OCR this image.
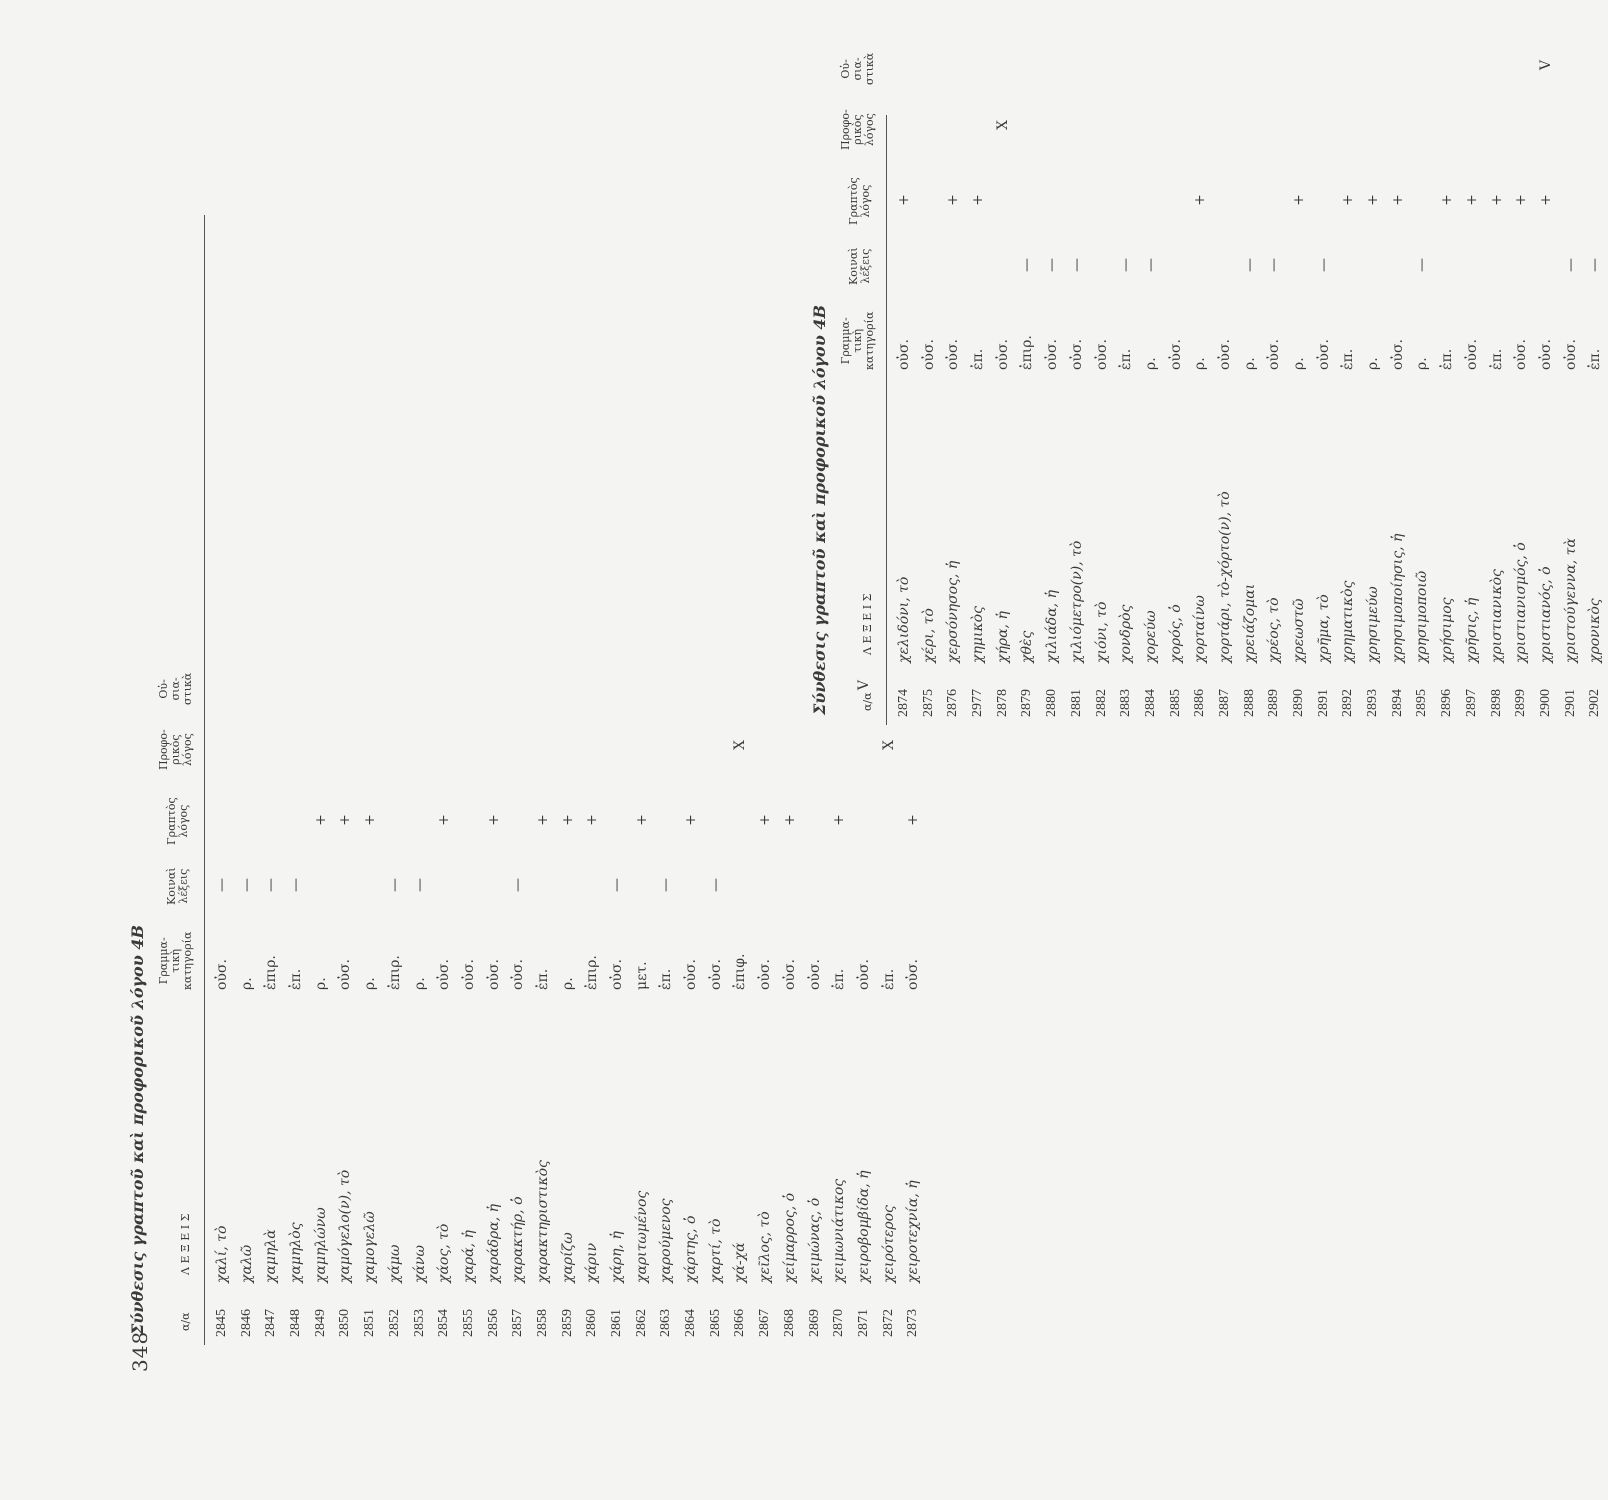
348
Σύνθεσις γραπτοῦ καὶ προφορικοῦ λόγου 4Β	α/α
Λ Ε Ξ Ε Ι Σ
Γραμμα-
τικὴ
κατηγορία
Κοιναὶ
λέξεις
Γραπτὸς
λόγος
Προφο-
ρικὸς
λόγος
Οὐ-
σια-
στικὰ
2845
χαλί, τὸ
οὐσ.
—
2846
χαλῶ
ρ.
—
2847
χαμηλὰ
ἐπιρ.
—
2848
χαμηλὸς
ἐπ.
—
2849
χαμηλώνω
ρ.
+
2850
χαμόγελο(ν), τὸ
οὐσ.
+
2851
χαμογελῶ
ρ.
+
2852
χάμω
ἐπιρ.
—
2853
χάνω
ρ.
—
2854
χάος, τὸ
οὐσ.
+
2855
χαρά, ἡ
οὐσ.
2856
χαράδρα, ἡ
οὐσ.
+
2857
χαρακτήρ, ὁ
οὐσ.
—
2858
χαρακτηριστικὸς
ἐπ.
+
2859
χαρίζω
ρ.
+
2860
χάριν
ἐπιρ.
+
2861
χάρη, ἡ
οὐσ.
—
2862
χαριτωμένος
μετ.
+
2863
χαρούμενος
ἐπ.
—
2864
χάρτης, ὁ
οὐσ.
+
2865
χαρτί, τὸ
οὐσ.
—
2866
χά-χά
ἐπιφ.
X
2867
χεῖλος, τὸ
οὐσ.
+
2868
χείμαρρος, ὁ
οὐσ.
+
2869
χειμώνας, ὁ
οὐσ.
2870
χειμωνιάτικος
ἐπ.
+
2871
χειροβομβίδα, ἡ
οὐσ.
V
2872
χειρότερος
ἐπ.
X
2873
χειροτεχνία, ἡ
οὐσ.
+
Σύνθεσις γραπτοῦ καὶ προφορικοῦ λόγου 4Β	α/α
Λ Ε Ξ Ε Ι Σ
Γραμμα-
τικὴ
κατηγορία
Κοιναὶ
λέξεις
Γραπτὸς
λόγος
Προφο-
ρικὸς
λόγος
Οὐ-
σια-
στικὰ
2874
χελιδόνι, τὸ
οὐσ.
+
2875
χέρι, τὸ
οὐσ.
2876
χερσόνησος, ἡ
οὐσ.
+
2977
χημικὸς
ἐπ.
+
2878
χήρα, ἡ
οὐσ.
X
2879
χθὲς
ἐπιρ.
—
2880
χιλιάδα, ἡ
οὐσ.
—
2881
χιλιόμετρο(ν), τὸ
οὐσ.
—
2882
χιόνι, τὸ
οὐσ.
2883
χονδρὸς
ἐπ.
—
2884
χορεύω
ρ.
—
2885
χορός, ὁ
οὐσ.
2886
χορταίνω
ρ.
+
2887
χορτάρι, τὸ-χόρτο(ν), τὸ
οὐσ.
2888
χρειάζομαι
ρ.
—
2889
χρέος, τὸ
οὐσ.
—
2890
χρεωστῶ
ρ.
+
2891
χρῆμα, τὸ
οὐσ.
—
2892
χρηματικὸς
ἐπ.
+
2893
χρησιμεύω
ρ.
+
2894
χρησιμοποίησις, ἡ
οὐσ.
+
2895
χρησιμοποιῶ
ρ.
—
2896
χρήσιμος
ἐπ.
+
2897
χρῆσις, ἡ
οὐσ.
+
2898
χριστιανικὸς
ἐπ.
+
2899
χριστιανισμός, ὁ
οὐσ.
+
2900
χριστιανός, ὁ
οὐσ.
+
V
2901
χριστούγεννα, τὰ
οὐσ.
—
2902
χρονικὸς
ἐπ.
—
